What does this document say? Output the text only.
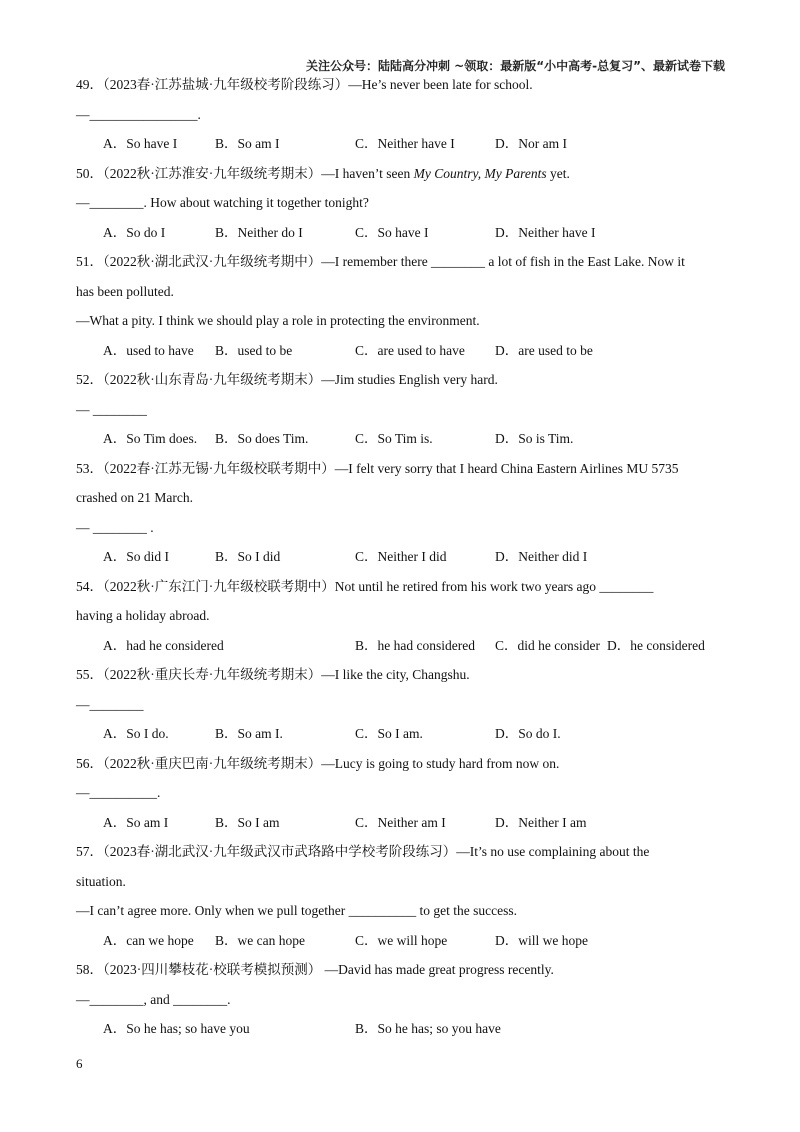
关注公众号：陆陆高分冲刺 ~领取：最新版“小中高考-总复习”、最新试卷下载
49．（2023春·江苏盐城·九年级校考阶段练习）—He’s never been late for school.
—________________.
A．So have I	B．So am I	C．Neither have I	D．Nor am I
50．（2022秋·江苏淮安·九年级统考期末）—I haven’t seen My Country, My Parents yet.
—________. How about watching it together tonight?
A．So do I	B．Neither do I	C．So have I	D．Neither have I
51．（2022秋·湖北武汉·九年级统考期中）—I remember there ________ a lot of fish in the East Lake. Now it
has been polluted.
—What a pity. I think we should play a role in protecting the environment.
A．used to have	B．used to be	C．are used to have	D．are used to be
52．（2022秋·山东青岛·九年级统考期末）—Jim studies English very hard.
— ________
A．So Tim does.	B．So does Tim.	C．So Tim is.	D．So is Tim.
53．（2022春·江苏无锡·九年级校联考期中）—I felt very sorry that I heard China Eastern Airlines MU 5735
crashed on 21 March.
— ________ .
A．So did I	B．So I did	C．Neither I did	D．Neither did I
54．（2022秋·广东江门·九年级校联考期中）Not until he retired from his work two years ago ________
having a holiday abroad.
A．had he considered	B．he had considered	C．did he consider D．he considered
55．（2022秋·重庆长寿·九年级统考期末）—I like the city, Changshu.
—________
A．So I do.	B．So am I.	C．So I am.	D．So do I.
56．（2022秋·重庆巴南·九年级统考期末）—Lucy is going to study hard from now on.
—__________.
A．So am I	B．So I am	C．Neither am I	D．Neither I am
57．（2023春·湖北武汉·九年级武汉市武珞路中学校考阶段练习）—It’s no use complaining about the
situation.
—I can’t agree more. Only when we pull together __________ to get the success.
A．can we hope	B．we can hope	C．we will hope	D．will we hope
58．（2023·四川攀枝花·校联考模拟预测） —David has made great progress recently.
—________, and ________.
A．So he has; so have you	B．So he has; so you have
6
